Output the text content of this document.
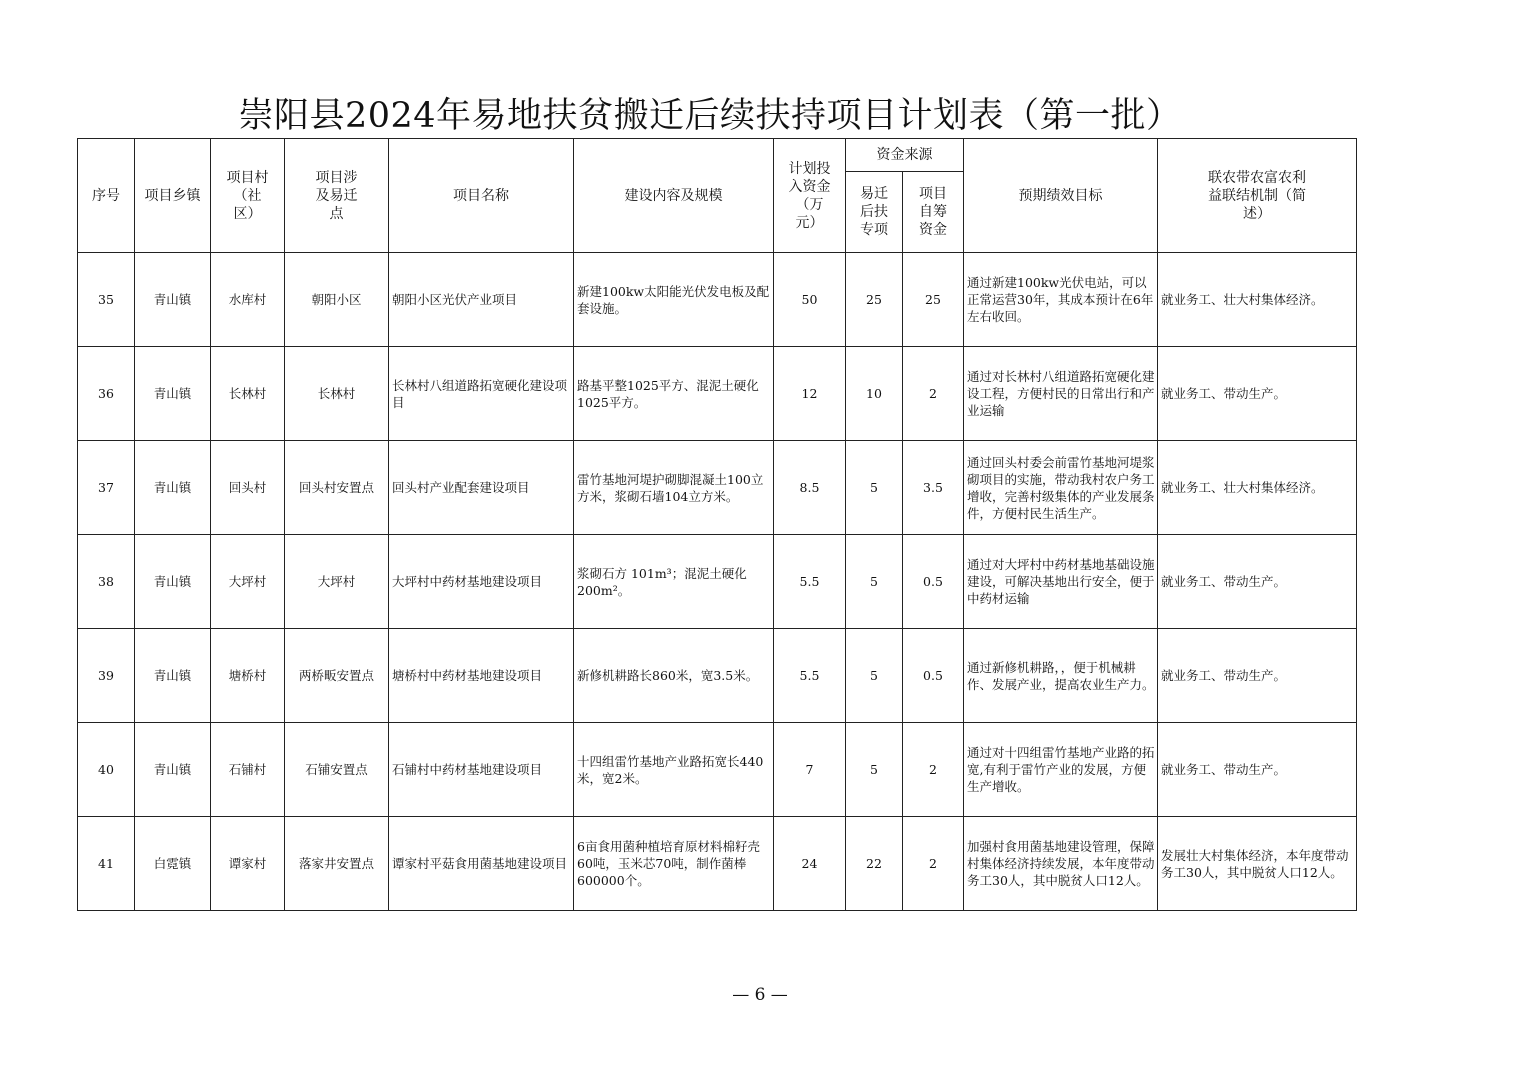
崇阳县2024年易地扶贫搬迁后续扶持项目计划表（第一批）
序号	项目乡镇	项目村（社区）	项目涉及易迁点	项目名称	建设内容及规模	计划投入资金（万元）	资金来源		预期绩效目标	联农带农富农利益联结机制（简述）

							易迁后扶专项	项目自筹资金		

35	青山镇	水库村	朝阳小区	朝阳小区光伏产业项目	新建100kw太阳能光伏发电板及配套设施。	50	25	25	通过新建100kw光伏电站，可以正常运营30年，其成本预计在6年左右收回。	就业务工、壮大村集体经济。
36	青山镇	长林村	长林村	长林村八组道路拓宽硬化建设项目	路基平整1025平方、混泥土硬化1025平方。	12	10	2	通过对长林村八组道路拓宽硬化建设工程，方便村民的日常出行和产业运输	就业务工、带动生产。
37	青山镇	回头村	回头村安置点	回头村产业配套建设项目	雷竹基地河堤护砌脚混凝土100立方米，浆砌石墙104立方米。	8.5	5	3.5	通过回头村委会前雷竹基地河堤浆砌项目的实施，带动我村农户务工增收，完善村级集体的产业发展条件，方便村民生活生产。	就业务工、壮大村集体经济。
38	青山镇	大坪村	大坪村	大坪村中药材基地建设项目	浆砌石方 101m³；混泥土硬化200m²。	5.5	5	0.5	通过对大坪村中药材基地基础设施建设，可解决基地出行安全，便于中药材运输	就业务工、带动生产。
39	青山镇	塘桥村	两桥畈安置点	塘桥村中药材基地建设项目	新修机耕路长860米，宽3.5米。	5.5	5	0.5	通过新修机耕路，，便于机械耕作、发展产业，提高农业生产力。	就业务工、带动生产。
40	青山镇	石铺村	石铺安置点	石铺村中药材基地建设项目	十四组雷竹基地产业路拓宽长440米，宽2米。	7	5	2	通过对十四组雷竹基地产业路的拓宽,有利于雷竹产业的发展，方便生产增收。	就业务工、带动生产。
41	白霓镇	谭家村	落家井安置点	谭家村平菇食用菌基地建设项目	6亩食用菌种植培育原材料棉籽壳60吨，玉米芯70吨，制作菌棒600000个。	24	22	2	加强村食用菌基地建设管理，保障村集体经济持续发展，本年度带动务工30人，其中脱贫人口12人。	发展壮大村集体经济，本年度带动务工30人，其中脱贫人口12人。
— 6 —
